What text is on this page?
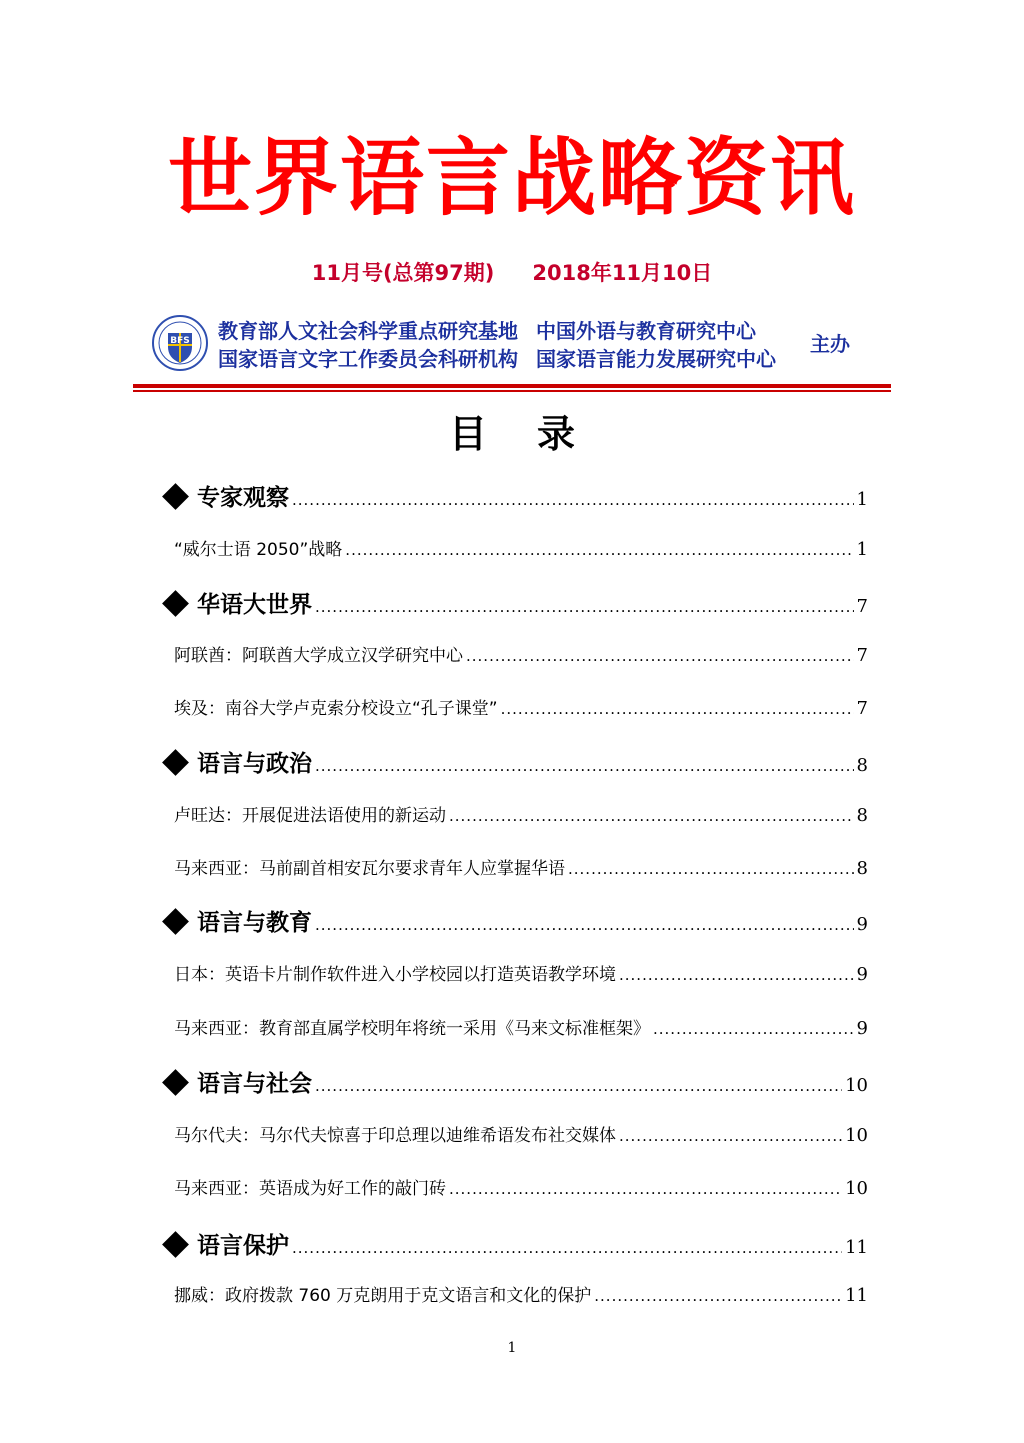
世界语言战略资讯
11月号(总第97期) 2018年11月10日
BFS 教育部人文社会科学重点研究基地 中国外语与教育研究中心
国家语言文字工作委员会科研机构 国家语言能力发展研究中心
主办
目录
专家观察 .....	1
“威尔士语 2050”战略 .....	1
华语大世界 .....	7
阿联酋：阿联酋大学成立汉学研究中心 .....	7
埃及：南谷大学卢克索分校设立“孔子课堂” .....	7
语言与政治 .....	8
卢旺达：开展促进法语使用的新运动 .....	8
马来西亚：马前副首相安瓦尔要求青年人应掌握华语 .....	8
语言与教育 .....	9
日本：英语卡片制作软件进入小学校园以打造英语教学环境 .....	9
马来西亚：教育部直属学校明年将统一采用《马来文标准框架》 .....	9
语言与社会 .....	10
马尔代夫：马尔代夫惊喜于印总理以迪维希语发布社交媒体 .....	10
马来西亚：英语成为好工作的敲门砖 .....	10
语言保护 .....	11
挪威：政府拨款 760 万克朗用于克文语言和文化的保护 .....	11
1
